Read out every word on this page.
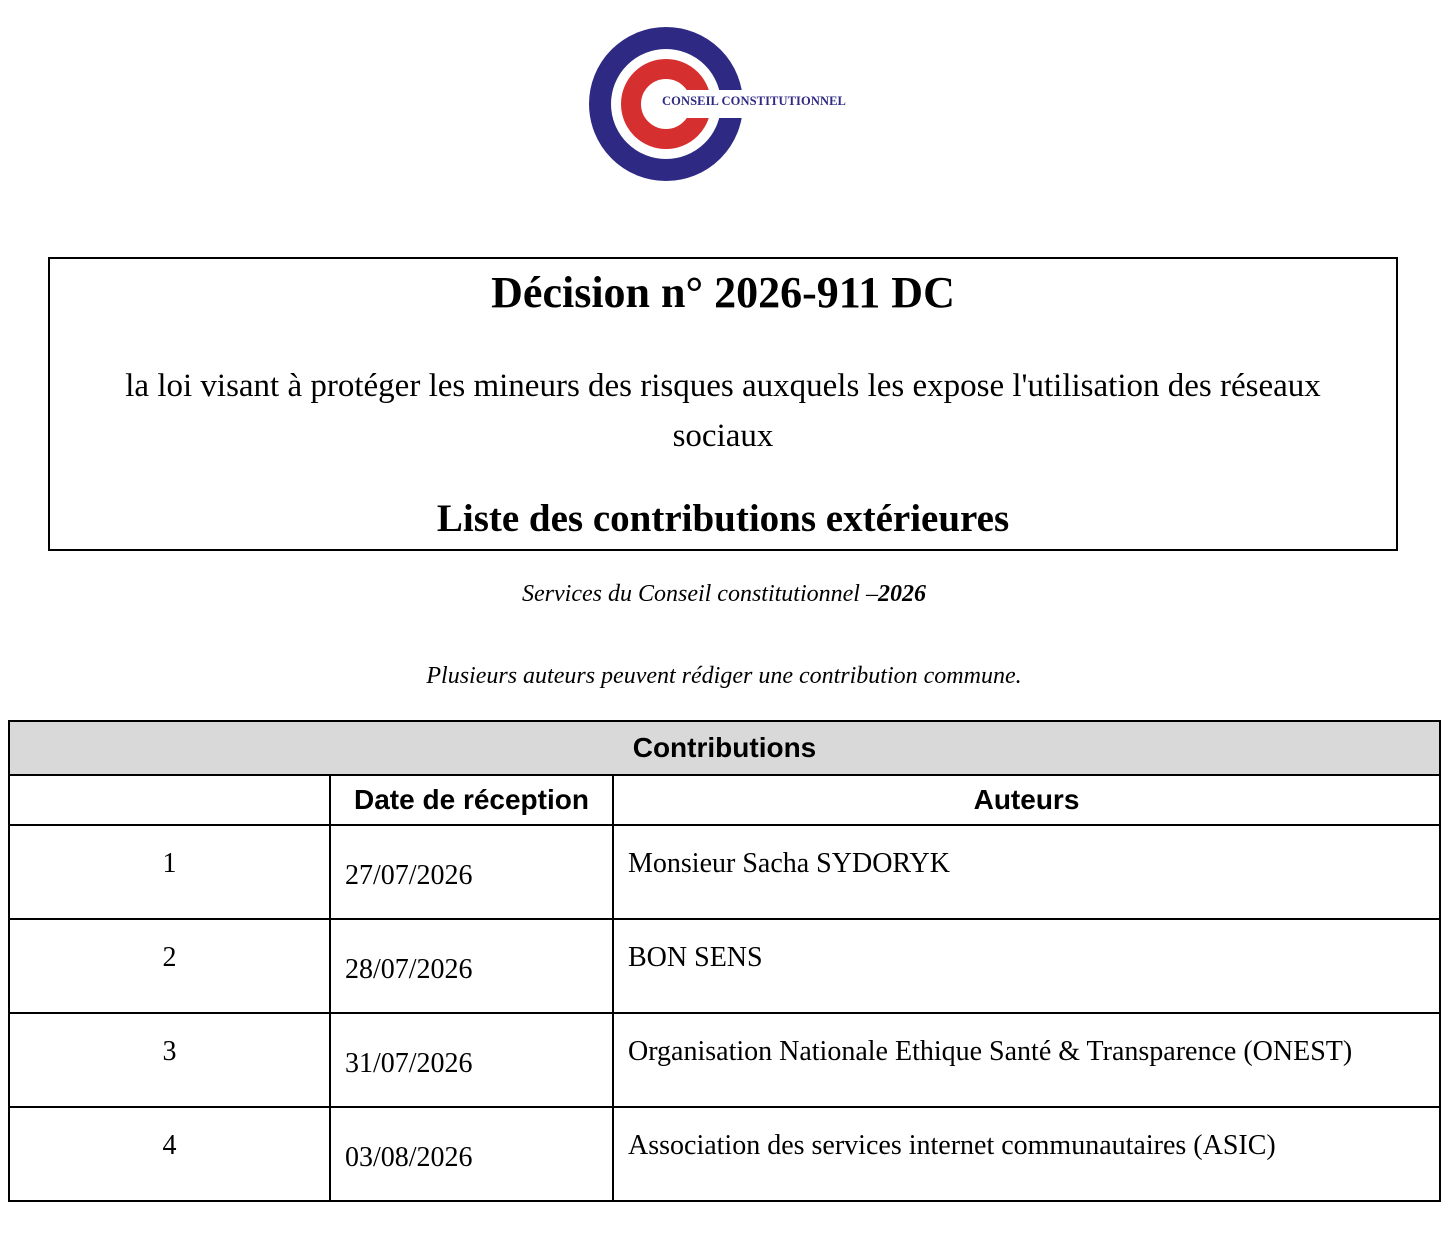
CONSEIL CONSTITUTIONNEL
Décision n° 2026-911 DC
la loi visant à protéger les mineurs des risques auxquels les expose l'utilisation des réseaux sociaux
Liste des contributions extérieures
Services du Conseil constitutionnel –2026
Plusieurs auteurs peuvent rédiger une contribution commune.
Contributions		
	Date de réception	Auteurs
1	27/07/2026	Monsieur Sacha SYDORYK
2	28/07/2026	BON SENS
3	31/07/2026	Organisation Nationale Ethique Santé & Transparence (ONEST)
4	03/08/2026	Association des services internet communautaires (ASIC)
